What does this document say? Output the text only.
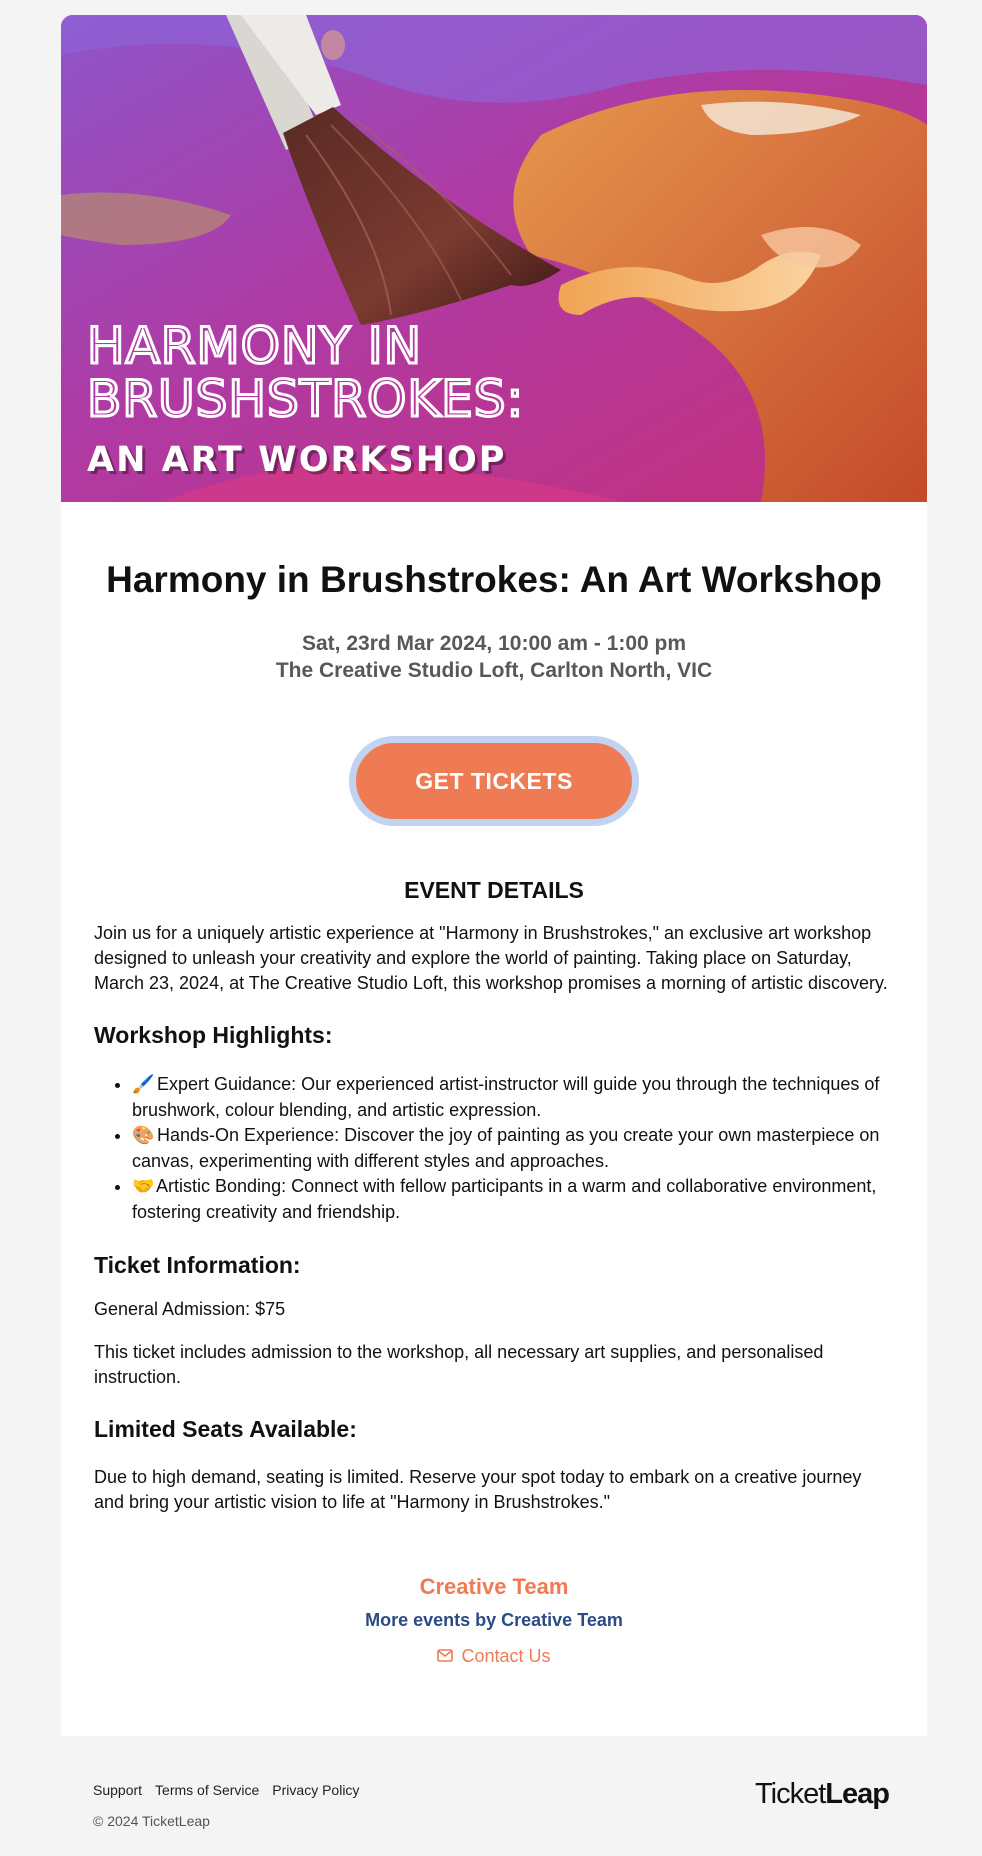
HARMONY IN
BRUSHSTROKES:
AN ART WORKSHOP
Harmony in Brushstrokes: An Art Workshop
Sat, 23rd Mar 2024, 10:00 am - 1:00 pm
The Creative Studio Loft, Carlton North, VIC
GET TICKETS
EVENT DETAILS

Join us for a uniquely artistic experience at "Harmony in Brushstrokes," an exclusive art workshop designed to unleash your creativity and explore the world of painting. Taking place on Saturday, March 23, 2024, at The Creative Studio Loft, this workshop promises a morning of artistic discovery.

Workshop Highlights:
• 🖌️ Expert Guidance: Our experienced artist-instructor will guide you through the techniques of brushwork, colour blending, and artistic expression.
• 🎨 Hands-On Experience: Discover the joy of painting as you create your own masterpiece on canvas, experimenting with different styles and approaches.
• 🤝 Artistic Bonding: Connect with fellow participants in a warm and collaborative environment, fostering creativity and friendship.
Ticket Information:

General Admission: $75

This ticket includes admission to the workshop, all necessary art supplies, and personalised instruction.

Limited Seats Available:

Due to high demand, seating is limited. Reserve your spot today to embark on a creative journey and bring your artistic vision to life at "Harmony in Brushstrokes."

Creative Team
More events by Creative Team
Contact Us
Support Terms of Service Privacy Policy
© 2024 TicketLeap
TicketLeap
